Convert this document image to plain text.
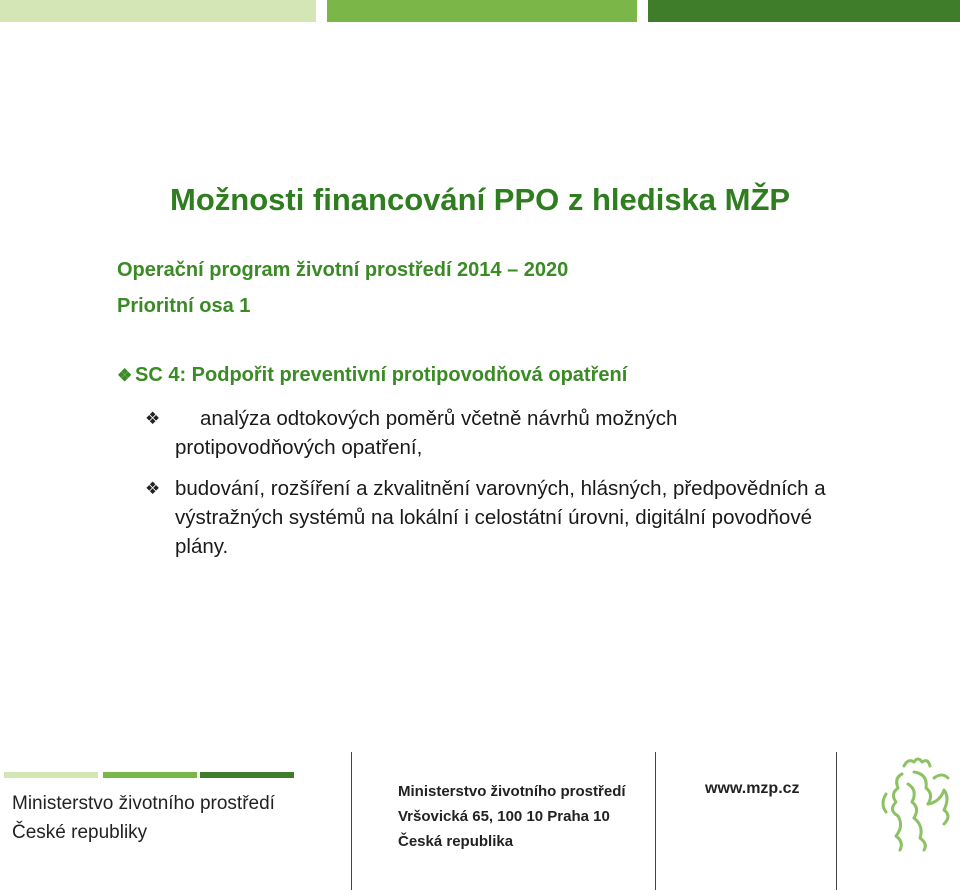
Možnosti financování PPO z hlediska MŽP
Operační program životní prostředí 2014 – 2020
Prioritní osa 1
❖ SC 4: Podpořit preventivní protipovodňová opatření
❖	analýza odtokových poměrů včetně návrhů možných
protipovodňových opatření,
❖ budování, rozšíření a zkvalitnění varovných, hlásných, předpovědních a výstražných systémů na lokální i celostátní úrovni, digitální povodňové plány.
Ministerstvo životního prostředí
České republiky
Ministerstvo životního prostředí
Vršovická 65, 100 10 Praha 10
Česká republika
www.mzp.cz
